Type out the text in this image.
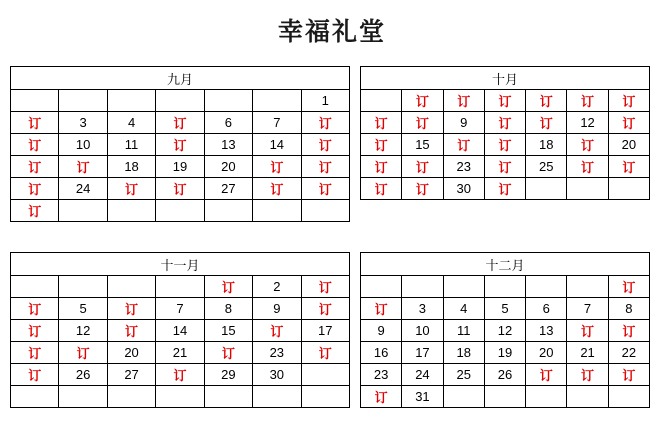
幸福礼堂
九月						
						1
订	3	4	订	6	7	订
订	10	11	订	13	14	订
订	订	18	19	20	订	订
订	24	订	订	27	订	订
订						
十月						
	订	订	订	订	订	订
订	订	9	订	订	12	订
订	15	订	订	18	订	20
订	订	23	订	25	订	订
订	订	30	订			
十一月						
				订	2	订
订	5	订	7	8	9	订
订	12	订	14	15	订	17
订	订	20	21	订	23	订
订	26	27	订	29	30	

十二月						
						订
订	3	4	5	6	7	8
9	10	11	12	13	订	订
16	17	18	19	20	21	22
23	24	25	26	订	订	订
订	31					
